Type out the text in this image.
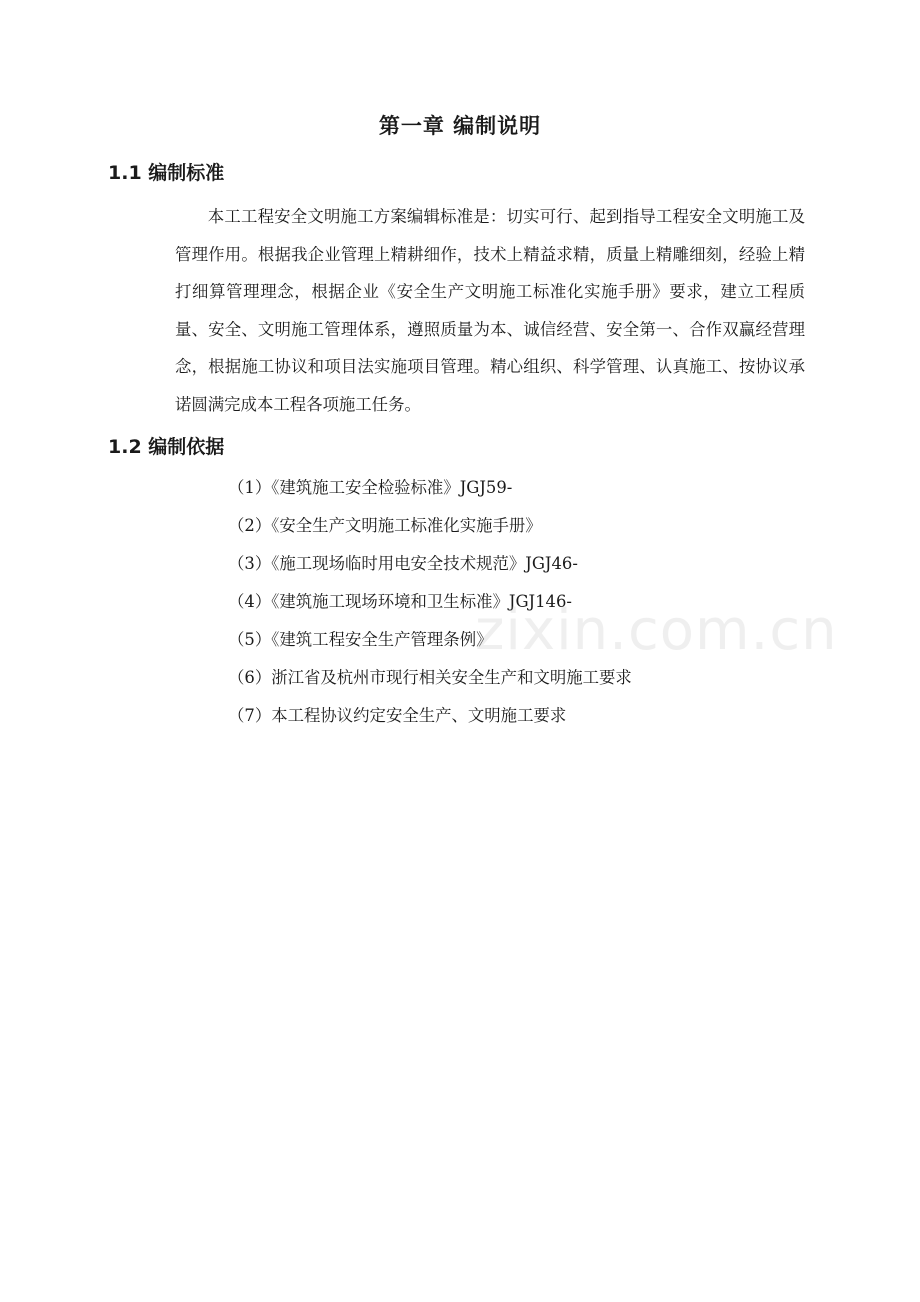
第一章 编制说明
1.1 编制标准

本工工程安全文明施工方案编辑标准是：切实可行、起到指导工程安全文明施工及管理作用。根据我企业管理上精耕细作，技术上精益求精，质量上精雕细刻，经验上精打细算管理理念，根据企业《安全生产文明施工标准化实施手册》要求，建立工程质量、安全、文明施工管理体系，遵照质量为本、诚信经营、安全第一、合作双赢经营理念，根据施工协议和项目法实施项目管理。精心组织、科学管理、认真施工、按协议承诺圆满完成本工程各项施工任务。

1.2 编制依据
（1）《建筑施工安全检验标准》JGJ59-
（2）《安全生产文明施工标准化实施手册》
（3）《施工现场临时用电安全技术规范》JGJ46-
（4）《建筑施工现场环境和卫生标准》JGJ146-
（5）《建筑工程安全生产管理条例》
（6）浙江省及杭州市现行相关安全生产和文明施工要求
（7）本工程协议约定安全生产、文明施工要求
zixin.com.cn
